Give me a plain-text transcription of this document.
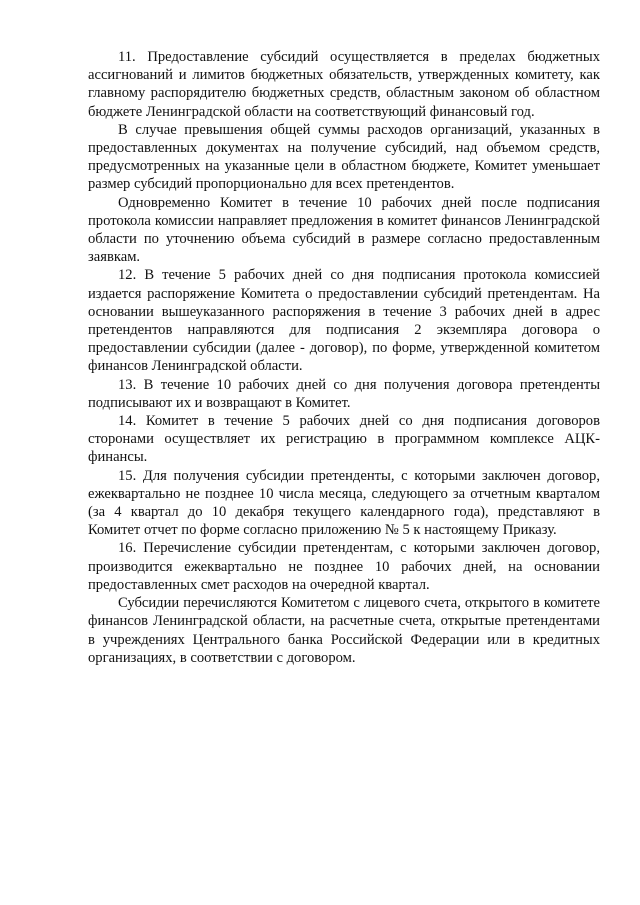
11. Предоставление субсидий осуществляется в пределах бюджетных ассигнований и лимитов бюджетных обязательств, утвержденных комитету, как главному распорядителю бюджетных средств, областным законом об областном бюджете Ленинградской области на соответствующий финансовый год.

В случае превышения общей суммы расходов организаций, указанных в предоставленных документах на получение субсидий, над объемом средств, предусмотренных на указанные цели в областном бюджете, Комитет уменьшает размер субсидий пропорционально для всех претендентов.

Одновременно Комитет в течение 10 рабочих дней после подписания протокола комиссии направляет предложения в комитет финансов Ленинградской области по уточнению объема субсидий в размере согласно предоставленным заявкам.

12. В течение 5 рабочих дней со дня подписания протокола комиссией издается распоряжение Комитета о предоставлении субсидий претендентам. На основании вышеуказанного распоряжения в течение 3 рабочих дней в адрес претендентов направляются для подписания 2 экземпляра договора о предоставлении субсидии (далее - договор), по форме, утвержденной комитетом финансов Ленинградской области.

13. В течение 10 рабочих дней со дня получения договора претенденты подписывают их и возвращают в Комитет.

14. Комитет в течение 5 рабочих дней со дня подписания договоров сторонами осуществляет их регистрацию в программном комплексе АЦК-финансы.

15. Для получения субсидии претенденты, с которыми заключен договор, ежеквартально не позднее 10 числа месяца, следующего за отчетным кварталом (за 4 квартал до 10 декабря текущего календарного года), представляют в Комитет отчет по форме согласно приложению № 5 к настоящему Приказу.

16. Перечисление субсидии претендентам, с которыми заключен договор, производится ежеквартально не позднее 10 рабочих дней, на основании предоставленных смет расходов на очередной квартал.

Субсидии перечисляются Комитетом с лицевого счета, открытого в комитете финансов Ленинградской области, на расчетные счета, открытые претендентами в учреждениях Центрального банка Российской Федерации или в кредитных организациях, в соответствии с договором.
